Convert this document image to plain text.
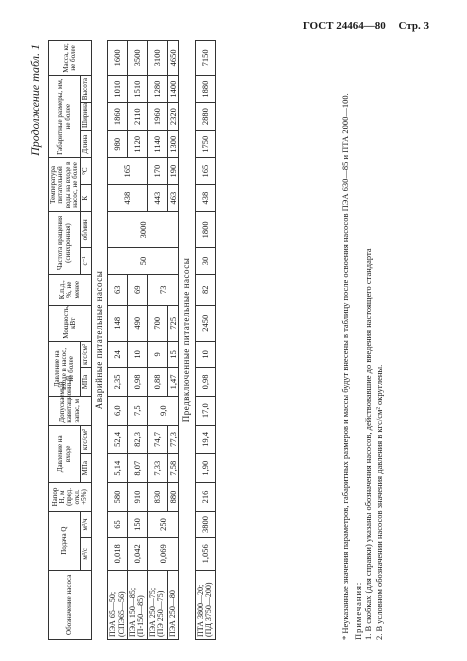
ГОСТ 24464—80 Стр. 3
Продолжение табл. 1
Обозначение насоса	Подача Q		Напор H, м (пред. откл. +5%)	Давление на входе		Допускаемый кавитационный запас, м	Давление на входе в насос, не более		Мощность, кВт	К.п.д., %, не менее	Частота вращения (синхронная)		Температура питательной воды на входе в насос, не более		Габаритные размеры, мм, не более			Масса, кг, не более
	м³/с	м³/ч		МПа	кгс/см²		МПа	кгс/см²			с⁻¹	об/мин	К	°С	Длина	Ширина	Высота	
Аварийные питательные насосы																		
ПЭА 65—50; (СПЭ65—56)	0,018	65	580	5,14	52,4	6,0	2,35	24	148	63	50	3000	438	165	980	1860	1010	1600
ПЭА 150—85; (П-150—85)	0,042	150	910	8,07	82,3	7,5	0,98	10	490	69					1120	2110	1510	3500
ПЭА 250—75; (ПЭ 250—75)	0,069	250	830	7,33	74,7	9,0	0,88	9	700	73			443	170	1140	1960	1280	3100
ПЭА 250—80			880	7,58	77,3		1,47	15	725				463	190	1300	2320	1400	4650
Предвключенные питательные насосы																		
ПТА 3800—20; (ПД 3750—200)	1,056	3800	216	1,90	19,4	17,0	0,98	10	2450	82	30	1800	438	165	1750	2880	1880	7150

* Неуказанные значения параметров, габаритных размеров и массы будут внесены в таблицу после освоения насосов ПЭА 630—85 и ПТА 2000—100. Примечания: 1. В скобках (для справки) указаны обозначения насосов, действовавшие до введения настоящего стандарта 2. В условном обозначении насосов значения давления в кгс/см² округлены.
